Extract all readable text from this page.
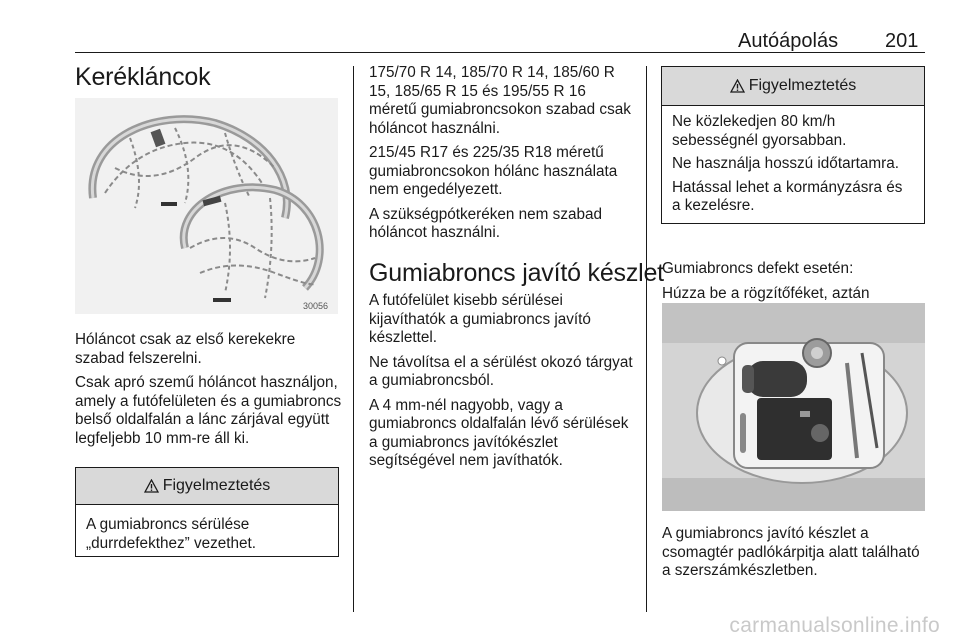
Autóápolás 201
Kerékláncok
30056

Hóláncot csak az első kerekekre szabad felszerelni.

Csak apró szemű hóláncot használjon, amely a futófelületen és a gumiabroncs belső oldalfalán a lánc zárjával együtt legfeljebb 10 mm-re áll ki.

Figyelmeztetés

A gumiabroncs sérülése „durrdefekthez” vezethet.

175/70 R 14, 185/70 R 14, 185/60 R 15, 185/65 R 15 és 195/55 R 16 méretű gumiabroncsokon szabad csak hóláncot használni.

215/45 R17 és 225/35 R18 méretű gumiabroncsokon hólánc használata nem engedélyezett.

A szükségpótkeréken nem szabad hóláncot használni.

Gumiabroncs javító készlet

A futófelület kisebb sérülései kijavíthatók a gumiabroncs javító készlettel.

Ne távolítsa el a sérülést okozó tárgyat a gumiabroncsból.

A 4 mm-nél nagyobb, vagy a gumiabroncs oldalfalán lévő sérülések a gumiabroncs javítókészlet segítségével nem javíthatók.

Figyelmeztetés

Ne közlekedjen 80 km/h sebességnél gyorsabban.

Ne használja hosszú időtartamra.

Hatással lehet a kormányzásra és a kezelésre.

Gumiabroncs defekt esetén:

Húzza be a rögzítőféket, aztán

A gumiabroncs javító készlet a csomagtér padlókárpitja alatt található a szerszámkészletben.

carmanualsonline.info
